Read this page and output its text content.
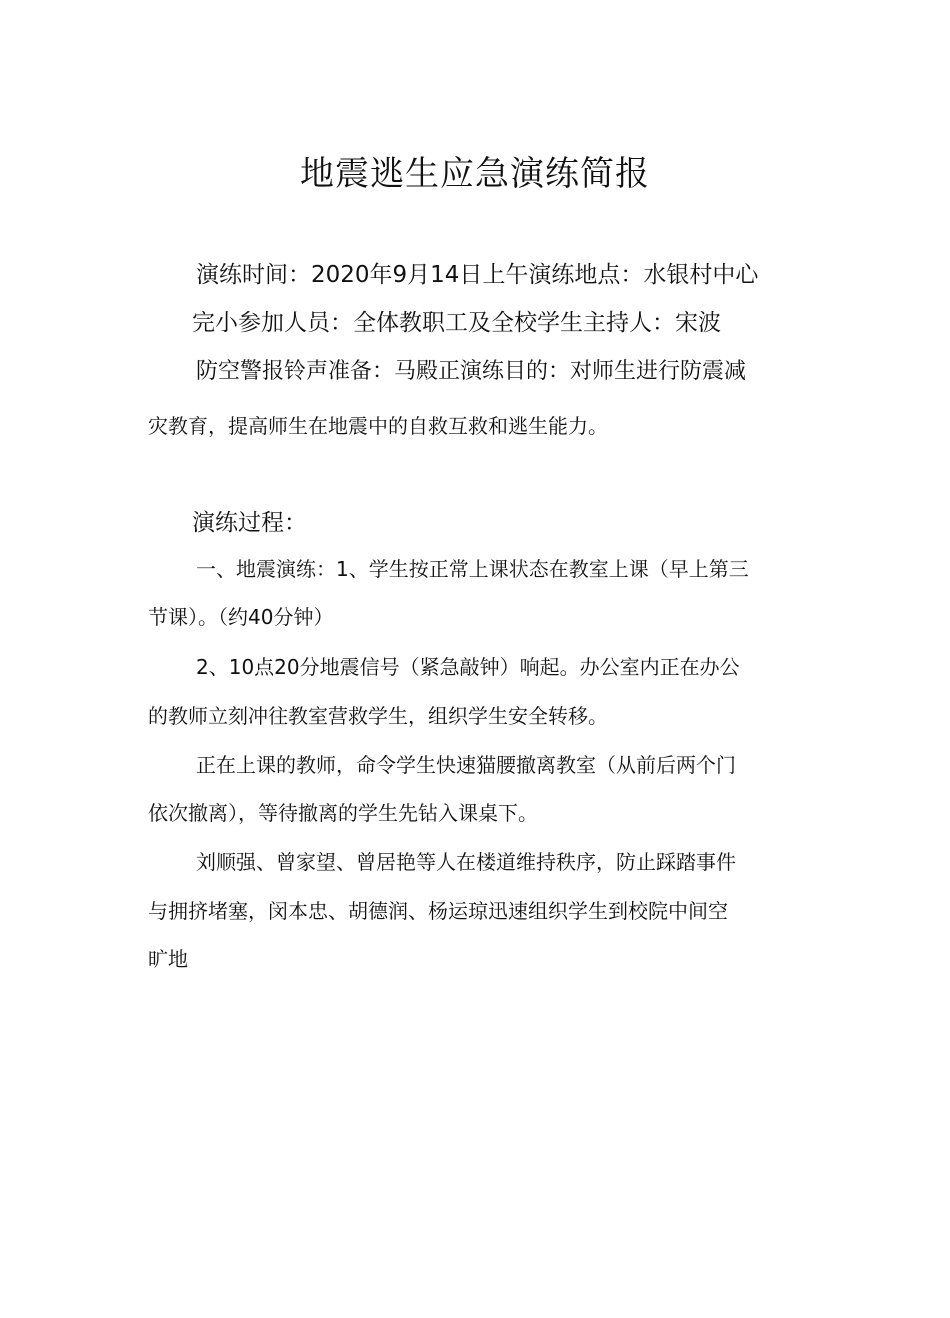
地震逃生应急演练简报
演练时间：2020年9月14日上午演练地点：水银村中心
完小参加人员：全体教职工及全校学生主持人：宋波
防空警报铃声准备：马殿正演练目的：对师生进行防震减
灾教育，提高师生在地震中的自救互救和逃生能力。
演练过程：
一、地震演练：1、学生按正常上课状态在教室上课（早上第三
节课）。（约40分钟）
2、10点20分地震信号（紧急敲钟）响起。办公室内正在办公
的教师立刻冲往教室营救学生，组织学生安全转移。
正在上课的教师，命令学生快速猫腰撤离教室（从前后两个门
依次撤离），等待撤离的学生先钻入课桌下。
刘顺强、曾家望、曾居艳等人在楼道维持秩序，防止踩踏事件
与拥挤堵塞，闵本忠、胡德润、杨运琼迅速组织学生到校院中间空
旷地
